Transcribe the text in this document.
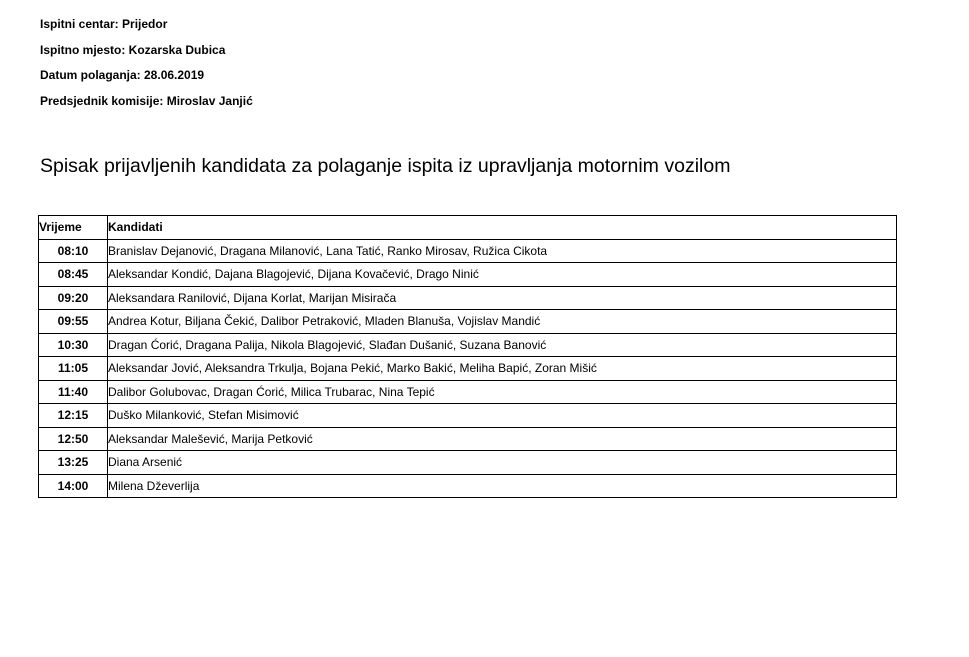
Ispitni centar: Prijedor
Ispitno mjesto: Kozarska Dubica
Datum polaganja: 28.06.2019
Predsjednik komisije: Miroslav Janjić
Spisak prijavljenih kandidata za polaganje ispita iz upravljanja motornim vozilom
Vrijeme	Kandidati
08:10	Branislav Dejanović, Dragana Milanović, Lana Tatić, Ranko Mirosav, Ružica Cikota
08:45	Aleksandar Kondić, Dajana Blagojević, Dijana Kovačević, Drago Ninić
09:20	Aleksandara Ranilović, Dijana Korlat, Marijan Misirača
09:55	Andrea Kotur, Biljana Čekić, Dalibor Petraković, Mladen Blanuša, Vojislav Mandić
10:30	Dragan Ćorić, Dragana Palija, Nikola Blagojević, Slađan Dušanić, Suzana Banović
11:05	Aleksandar Jović, Aleksandra Trkulja, Bojana Pekić, Marko Bakić, Meliha Bapić, Zoran Mišić
11:40	Dalibor Golubovac, Dragan Ćorić, Milica Trubarac, Nina Tepić
12:15	Duško Milanković, Stefan Misimović
12:50	Aleksandar Malešević, Marija Petković
13:25	Diana Arsenić
14:00	Milena Dževerlija
